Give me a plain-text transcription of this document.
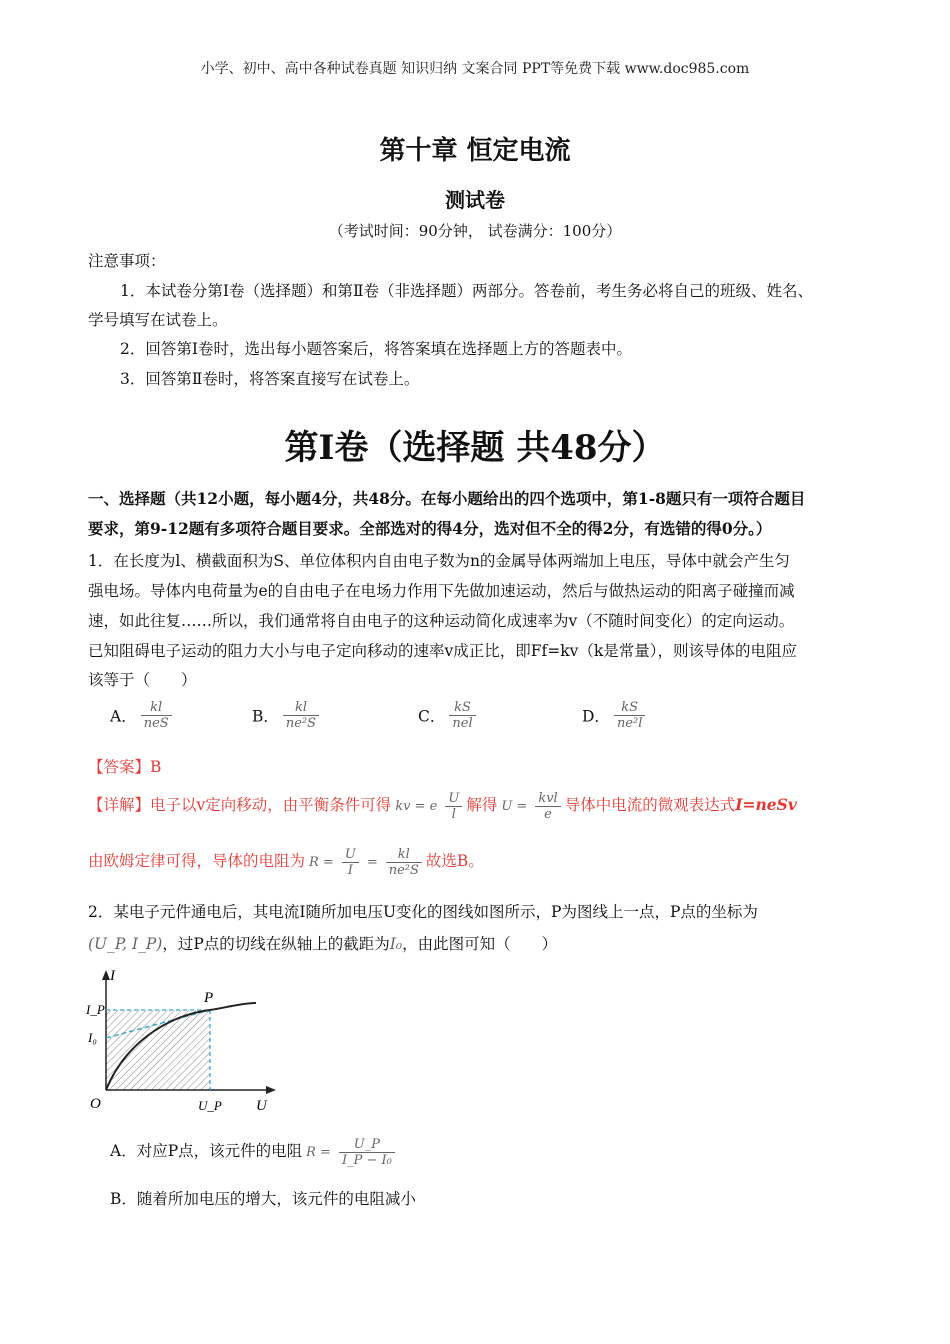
小学、初中、高中各种试卷真题 知识归纳 文案合同 PPT等免费下载 www.doc985.com
第十章 恒定电流
测试卷
（考试时间：90分钟， 试卷满分：100分）
注意事项：
1．本试卷分第Ⅰ卷（选择题）和第Ⅱ卷（非选择题）两部分。答卷前，考生务必将自己的班级、姓名、
学号填写在试卷上。
2．回答第Ⅰ卷时，选出每小题答案后，将答案填在选择题上方的答题表中。
3．回答第Ⅱ卷时，将答案直接写在试卷上。
第Ⅰ卷（选择题 共48分）
一、选择题（共12小题，每小题4分，共48分。在每小题给出的四个选项中，第1-8题只有一项符合题目
要求，第9-12题有多项符合题目要求。全部选对的得4分，选对但不全的得2分，有选错的得0分。）
1．在长度为l、横截面积为S、单位体积内自由电子数为n的金属导体两端加上电压，导体中就会产生匀
强电场。导体内电荷量为e的自由电子在电场力作用下先做加速运动，然后与做热运动的阳离子碰撞而减
速，如此往复……所以，我们通常将自由电子的这种运动简化成速率为v（不随时间变化）的定向运动。
已知阻碍电子运动的阻力大小与电子定向移动的速率v成正比，即Ff=kv（k是常量），则该导体的电阻应
该等于（　　）
A． $\frac{kl}{\text{neS}}$	B． $\frac{kl}{\text{ne²S}}$	C． $\frac{kS}{\text{nel}}$	D． $\frac{kS}{\text{ne²l}}$
【答案】B
【详解】电子以v定向移动，由平衡条件可得 kv = e $\frac{U}{l}$ 解得 $U = \frac{\text{kvl}}{e}$ 导体中电流的微观表达式I=neSv
由欧姆定律可得，导体的电阻为 $R = \frac{U}{I} = \frac{kl}{\text{ne²S}}$ 故选B。
2．某电子元件通电后，其电流I随所加电压U变化的图线如图所示，P为图线上一点，P点的坐标为
(U_P, I_P)，过P点的切线在纵轴上的截距为I₀，由此图可知（　　）
I
I_P
I₀
P
O	U_P U
A．对应P点，该元件的电阻 $R = \frac{U\_P}{\text{I\_P − I₀}}$
B．随着所加电压的增大，该元件的电阻减小
